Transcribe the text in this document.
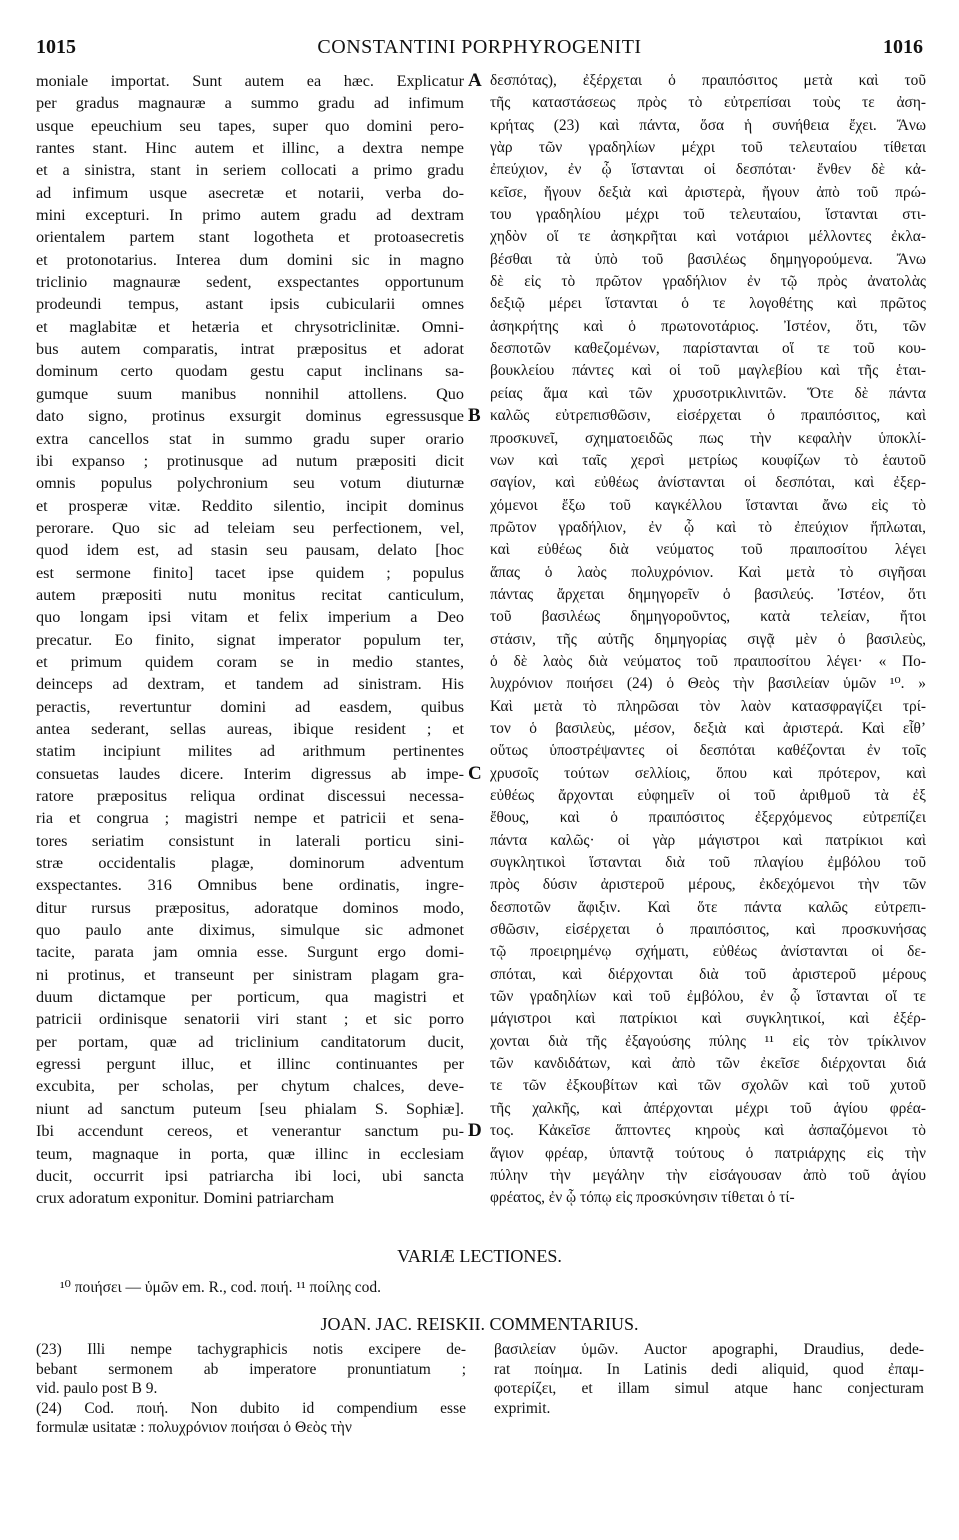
1015	CONSTANTINI PORPHYROGENITI	1016
moniale importat. Sunt autem ea hæc. Explicatur
per gradus magnauræ a summo gradu ad infimum
usque epeuchium seu tapes, super quo domini pero-
rantes stant. Hinc autem et illinc, a dextra nempe
et a sinistra, stant in seriem collocati a primo gradu
ad infimum usque asecretæ et notarii, verba do-
mini excepturi. In primo autem gradu ad dextram
orientalem partem stant logotheta et protoasecretis
et protonotarius. Interea dum domini sic in magno
triclinio magnauræ sedent, exspectantes opportunum
prodeundi tempus, astant ipsis cubicularii omnes
et maglabitæ et hetæria et chrysotriclinitæ. Omni-
bus autem comparatis, intrat præpositus et adorat
dominum certo quodam gestu caput inclinans sa-
gumque suum manibus nonnihil attollens. Quo
dato signo, protinus exsurgit dominus egressusque
extra cancellos stat in summo gradu super orario
ibi expanso ; protinusque ad nutum præpositi dicit
omnis populus polychronium seu votum diuturnæ
et prosperæ vitæ. Reddito silentio, incipit dominus
perorare. Quo sic ad teleiam seu perfectionem, vel,
quod idem est, ad stasin seu pausam, delato [hoc
est sermone finito] tacet ipse quidem ; populus
autem præpositi nutu monitus recitat canticulum,
quo longam ipsi vitam et felix imperium a Deo
precatur. Eo finito, signat imperator populum ter,
et primum quidem coram se in medio stantes,
deinceps ad dextram, et tandem ad sinistram. His
peractis, revertuntur domini ad easdem, quibus
antea sederant, sellas aureas, ibique resident ; et
statim incipiunt milites ad arithmum pertinentes
consuetas laudes dicere. Interim digressus ab impe-
ratore præpositus reliqua ordinat discessui necessa-
ria et congrua ; magistri nempe et patricii et sena-
tores seriatim consistunt in laterali porticu sini-
stræ occidentalis plagæ, dominorum adventum
exspectantes. 316 Omnibus bene ordinatis, ingre-
ditur rursus præpositus, adoratque dominos modo,
quo paulo ante diximus, simulque sic admonet
tacite, parata jam omnia esse. Surgunt ergo domi-
ni protinus, et transeunt per sinistram plagam gra-
duum dictamque per porticum, qua magistri et
patricii ordinisque senatorii viri stant ; et sic porro
per portam, quæ ad triclinium canditatorum ducit,
egressi pergunt illuc, et illinc continuantes per
excubita, per scholas, per chytum chalces, deve-
niunt ad sanctum puteum [seu phialam S. Sophiæ].
Ibi accendunt cereos, et venerantur sanctum pu-
teum, magnaque in porta, quæ illinc in ecclesiam
ducit, occurrit ipsi patriarcha ibi loci, ubi sancta
crux adoratum exponitur. Domini patriarcham
δεσπότας), ἐξέρχεται ὁ πραιπόσιτος μετὰ καὶ τοῦ
τῆς καταστάσεως πρὸς τὸ εὐτρεπίσαι τοὺς τε ἀση-
κρήτας (23) καὶ πάντα, ὅσα ἡ συνήθεια ἔχει. Ἄνω
γὰρ τῶν γραδηλίων μέχρι τοῦ τελευταίου τίθεται
ἐπεύχιον, ἐν ᾧ ἵστανται οἱ δεσπόται· ἔνθεν δὲ κἀ-
κεῖσε, ἤγουν δεξιὰ καὶ ἀριστερὰ, ἤγουν ἀπὸ τοῦ πρώ-
του γραδηλίου μέχρι τοῦ τελευταίου, ἵστανται στι-
χηδὸν οἵ τε ἀσηκρῆται καὶ νοτάριοι μέλλοντες ἐκλα-
βέσθαι τὰ ὑπὸ τοῦ βασιλέως δημηγορούμενα. Ἄνω
δὲ εἰς τὸ πρῶτον γραδήλιον ἐν τῷ πρὸς ἀνατολὰς
δεξιῷ μέρει ἵστανται ὁ τε λογοθέτης καὶ πρῶτος
ἀσηκρήτης καὶ ὁ πρωτονοτάριος. Ἰστέον, ὅτι, τῶν
δεσποτῶν καθεζομένων, παρίστανται οἵ τε τοῦ κου-
βουκλείου πάντες καὶ οἱ τοῦ μαγλεβίου καὶ τῆς ἑται-
ρείας ἅμα καὶ τῶν χρυσοτρικλινιτῶν. Ὅτε δὲ πάντα
καλῶς εὐτρεπισθῶσιν, εἰσέρχεται ὁ πραιπόσιτος, καὶ
προσκυνεῖ, σχηματοειδῶς πως τὴν κεφαλὴν ὑποκλί-
νων καὶ ταῖς χερσὶ μετρίως κουφίζων τὸ ἑαυτοῦ
σαγίον, καὶ εὐθέως ἀνίστανται οἱ δεσπόται, καὶ ἐξερ-
χόμενοι ἔξω τοῦ καγκέλλου ἵστανται ἄνω εἰς τὸ
πρῶτον γραδήλιον, ἐν ᾧ καὶ τὸ ἐπεύχιον ἥπλωται,
καὶ εὐθέως διὰ νεύματος τοῦ πραιποσίτου λέγει
ἅπας ὁ λαὸς πολυχρόνιον. Καὶ μετὰ τὸ σιγῆσαι
πάντας ἄρχεται δημηγορεῖν ὁ βασιλεύς. Ἰστέον, ὅτι
τοῦ βασιλέως δημηγοροῦντος, κατὰ τελείαν, ἤτοι
στάσιν, τῆς αὐτῆς δημηγορίας σιγᾷ μὲν ὁ βασιλεὺς,
ὁ δὲ λαὸς διὰ νεύματος τοῦ πραιποσίτου λέγει· « Πο-
λυχρόνιον ποιήσει (24) ὁ Θεὸς τὴν βασιλείαν ὑμῶν ¹⁰. »
Καὶ μετὰ τὸ πληρῶσαι τὸν λαὸν κατασφραγίζει τρί-
τον ὁ βασιλεὺς, μέσον, δεξιὰ καὶ ἀριστερά. Καὶ εἶθ’
οὕτως ὑποστρέψαντες οἱ δεσπόται καθέζονται ἐν τοῖς
χρυσοῖς τούτων σελλίοις, ὅπου καὶ πρότερον, καὶ
εὐθέως ἄρχονται εὐφημεῖν οἱ τοῦ ἀριθμοῦ τὰ ἐξ
ἔθους, καὶ ὁ πραιπόσιτος ἐξερχόμενος εὐτρεπίζει
πάντα καλῶς· οἱ γὰρ μάγιστροι καὶ πατρίκιοι καὶ
συγκλητικοὶ ἵστανται διὰ τοῦ πλαγίου ἐμβόλου τοῦ
πρὸς δύσιν ἀριστεροῦ μέρους, ἐκδεχόμενοι τὴν τῶν
δεσποτῶν ἄφιξιν. Καὶ ὅτε πάντα καλῶς εὐτρεπι-
σθῶσιν, εἰσέρχεται ὁ πραιπόσιτος, καὶ προσκυνήσας
τῷ προειρημένῳ σχήματι, εὐθέως ἀνίστανται οἱ δε-
σπόται, καὶ διέρχονται διὰ τοῦ ἀριστεροῦ μέρους
τῶν γραδηλίων καὶ τοῦ ἐμβόλου, ἐν ᾧ ἵστανται οἵ τε
μάγιστροι καὶ πατρίκιοι καὶ συγκλητικοί, καὶ ἐξέρ-
χονται διὰ τῆς ἐξαγούσης πύλης ¹¹ εἰς τὸν τρίκλινον
τῶν κανδιδάτων, καὶ ἀπὸ τῶν ἐκεῖσε διέρχονται διά
τε τῶν ἐξκουβίτων καὶ τῶν σχολῶν καὶ τοῦ χυτοῦ
τῆς χαλκῆς, καὶ ἀπέρχονται μέχρι τοῦ ἁγίου φρέα-
τος. Κἀκεῖσε ἅπτοντες κηροὺς καὶ ἀσπαζόμενοι τὸ
ἅγιον φρέαρ, ὑπαντᾷ τούτους ὁ πατριάρχης εἰς τὴν
πύλην τὴν μεγάλην τὴν εἰσάγουσαν ἀπὸ τοῦ ἁγίου
φρέατος, ἐν ᾧ τόπῳ εἰς προσκύνησιν τίθεται ὁ τί-
A
B
C
D
VARIÆ LECTIONES.
¹⁰ ποιήσει — ὑμῶν em. R., cod. ποιή. ¹¹ ποίλης cod.
JOAN. JAC. REISKII. COMMENTARIUS.
(23) Illi nempe tachygraphicis notis excipere de-
bebant sermonem ab imperatore pronuntiatum ;
vid. paulo post B 9.
(24) Cod. ποιή. Non dubito id compendium esse
formulæ usitatæ : πολυχρόνιον ποιήσαι ὁ Θεὸς τὴν
βασιλείαν ὑμῶν. Auctor apographi, Draudius, dede-
rat ποίημα. In Latinis dedi aliquid, quod ἐπαμ-
φοτερίζει, et illam simul atque hanc conjecturam
exprimit.
